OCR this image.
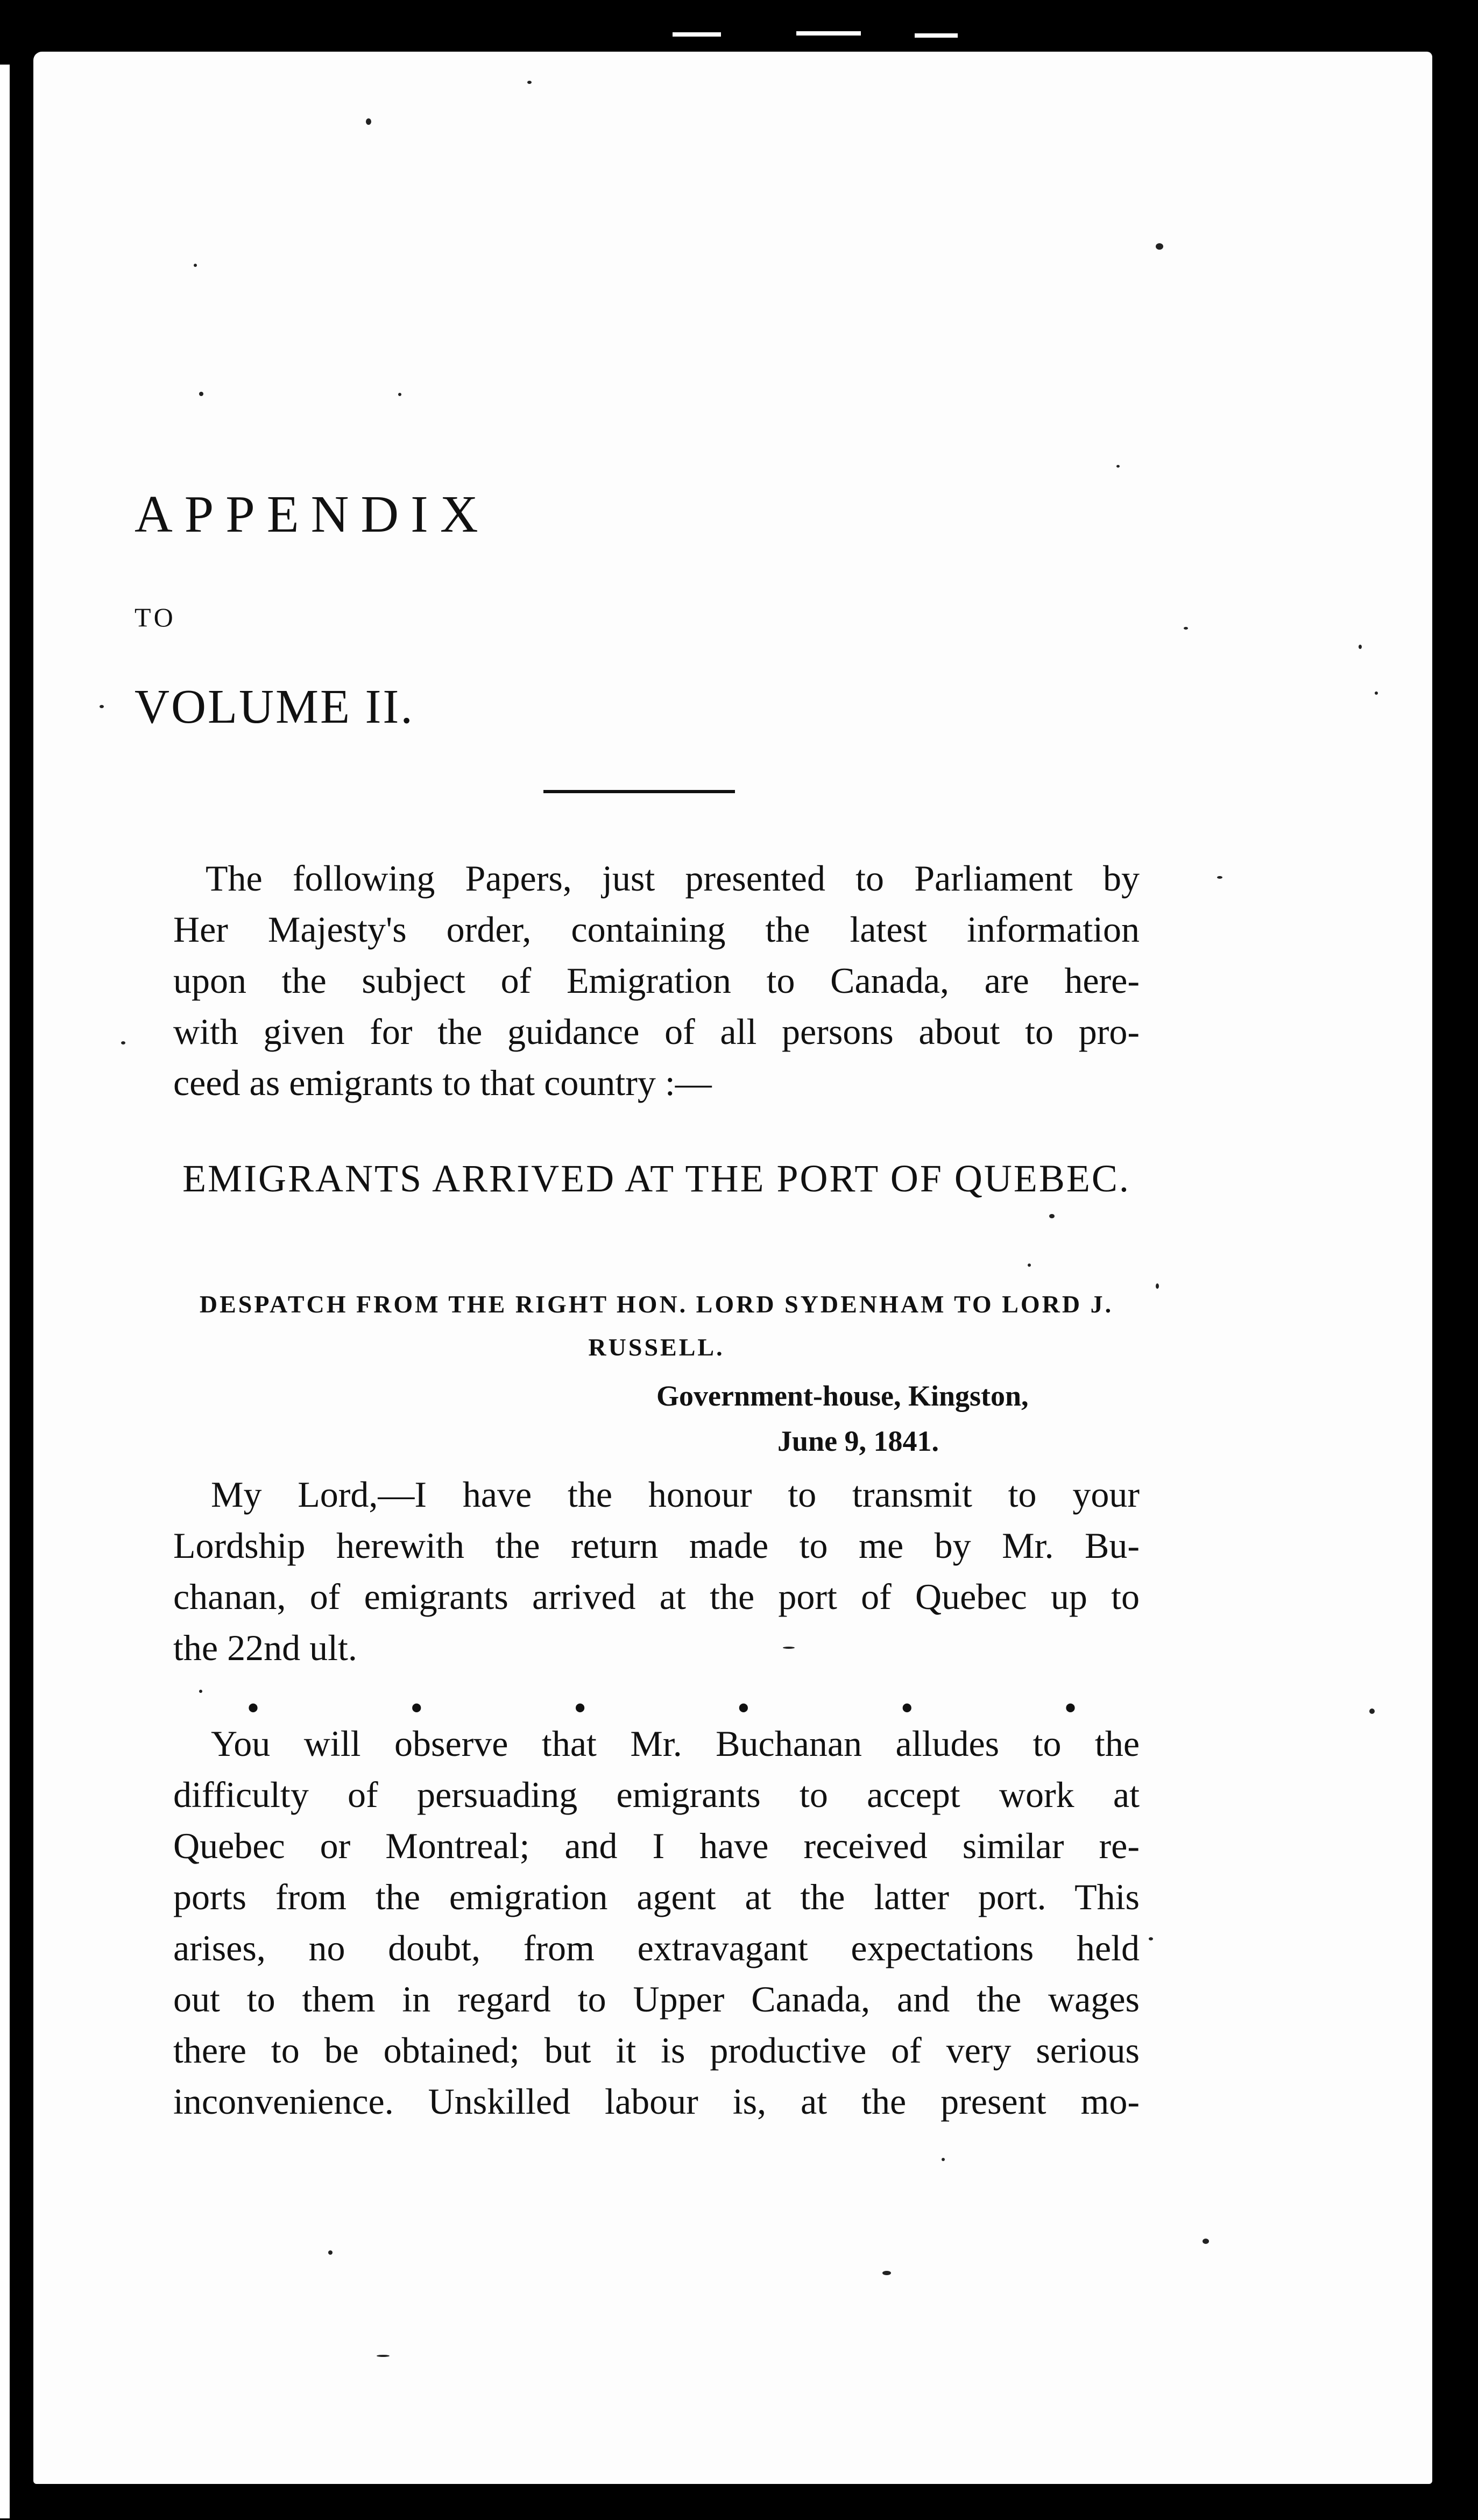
APPENDIX

TO

VOLUME II.

The following Papers, just presented to Parliament by
Her Majesty's order, containing the latest information
upon the subject of Emigration to Canada, are here-
with given for the guidance of all persons about to pro-
ceed as emigrants to that country :—

EMIGRANTS ARRIVED AT THE PORT OF QUEBEC.

DESPATCH FROM THE RIGHT HON. LORD SYDENHAM TO LORD J. RUSSELL.

Government-house, Kingston,

June 9, 1841.

My Lord,—I have the honour to transmit to your
Lordship herewith the return made to me by Mr. Bu-
chanan, of emigrants arrived at the port of Quebec up to
the 22nd ult.
•	•	•	•	•	•
You will observe that Mr. Buchanan alludes to the
difficulty of persuading emigrants to accept work at
Quebec or Montreal; and I have received similar re-
ports from the emigration agent at the latter port. This
arises, no doubt, from extravagant expectations held
out to them in regard to Upper Canada, and the wages
there to be obtained; but it is productive of very serious
inconvenience. Unskilled labour is, at the present mo-
